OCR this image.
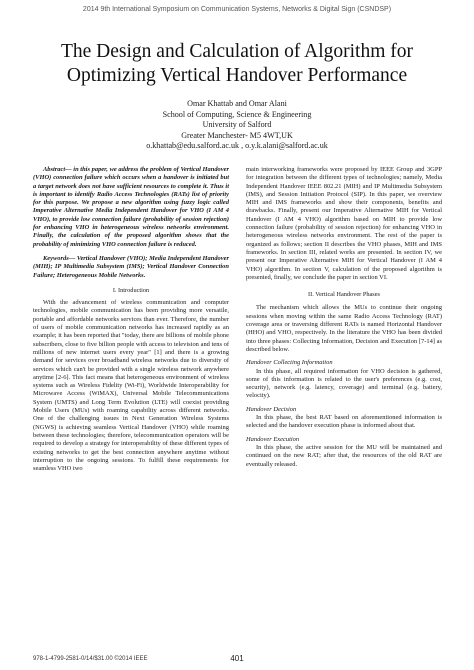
2014 9th International Symposium on Communication Systems, Networks & Digital Sign (CSNDSP)
The Design and Calculation of Algorithm for
Optimizing Vertical Handover Performance
Omar Khattab and Omar Alani
School of Computing, Science & Engineering
University of Salford
Greater Manchester- M5 4WT,UK
o.khattab@edu.salford.ac.uk , o.y.k.alani@salford.ac.uk

Abstract— in this paper, we address the problem of Vertical Handover (VHO) connection failure which occurs when a handover is initiated but a target network does not have sufficient resources to complete it. Thus it is important to identify Radio Access Technologies (RATs) list of priority for this purpose. We propose a new algorithm using fuzzy logic called Imperative Alternative Media Independent Handover for VHO (I AM 4 VHO), to provide low connection failure (probability of session rejection) for enhancing VHO in heterogeneous wireless networks environment. Finally, the calculation of the proposed algorithm shows that the probability of minimizing VHO connection failure is reduced.

Keywords— Vertical Handover (VHO); Media Independent Handover (MIH); IP Multimedia Subsystem (IMS); Vertical Handover Connection Failure; Heterogeneous Mobile Networks.

I. Introduction

With the advancement of wireless communication and computer technologies, mobile communication has been providing more versatile, portable and affordable networks services than ever. Therefore, the number of users of mobile communication networks has increased rapidly as an example; it has been reported that "today, there are billions of mobile phone subscribers, close to five billion people with access to television and tens of millions of new internet users every year" [1] and there is a growing demand for services over broadband wireless networks due to diversity of services which can't be provided with a single wireless network anywhere anytime [2-6]. This fact means that heterogeneous environment of wireless systems such as Wireless Fidelity (Wi-Fi), Worldwide Interoperability for Microwave Access (WiMAX), Universal Mobile Telecommunications System (UMTS) and Long Term Evolution (LTE) will coexist providing Mobile Users (MUs) with roaming capability across different networks. One of the challenging issues in Next Generation Wireless Systems (NGWS) is achieving seamless Vertical Handover (VHO) while roaming between these technologies; therefore, telecommunication operators will be required to develop a strategy for interoperability of these different types of existing networks to get the best connection anywhere anytime without interruption to the ongoing sessions. To fulfill these requirements for seamless VHO two

main interworking frameworks were proposed by IEEE Group and 3GPP for integration between the different types of technologies; namely, Media Independent Handover IEEE 802.21 (MIH) and IP Multimedia Subsystem (IMS), and Session Initiation Protocol (SIP). In this paper, we overview MIH and IMS frameworks and show their components, benefits and drawbacks. Finally, present our Imperative Alternative MIH for Vertical Handover (I AM 4 VHO) algorithm based on MIH to provide low connection failure (probability of session rejection) for enhancing VHO in heterogeneous wireless networks environment. The rest of the paper is organized as follows; section II describes the VHO phases, MIH and IMS frameworks. In section III, related works are presented. In section IV, we present our Imperative Alternative MIH for Vertical Handover (I AM 4 VHO) algorithm. In section V, calculation of the proposed algorithm is presented, finally, we conclude the paper in section VI.

II. Vertical Handover Phases

The mechanism which allows the MUs to continue their ongoing sessions when moving within the same Radio Access Technology (RAT) coverage area or traversing different RATs is named Horizontal Handover (HHO) and VHO, respectively. In the literature the VHO has been divided into three phases: Collecting Information, Decision and Execution [7-14] as described below.

Handover Collecting Information

In this phase, all required information for VHO decision is gathered, some of this information is related to the user's preferences (e.g. cost, security), network (e.g. latency, coverage) and terminal (e.g. battery, velocity).

Handover Decision

In this phase, the best RAT based on aforementioned information is selected and the handover execution phase is informed about that.

Handover Execution

In this phase, the active session for the MU will be maintained and continued on the new RAT; after that, the resources of the old RAT are eventually released.

978-1-4799-2581-0/14/$31.00 ©2014 IEEE	401
